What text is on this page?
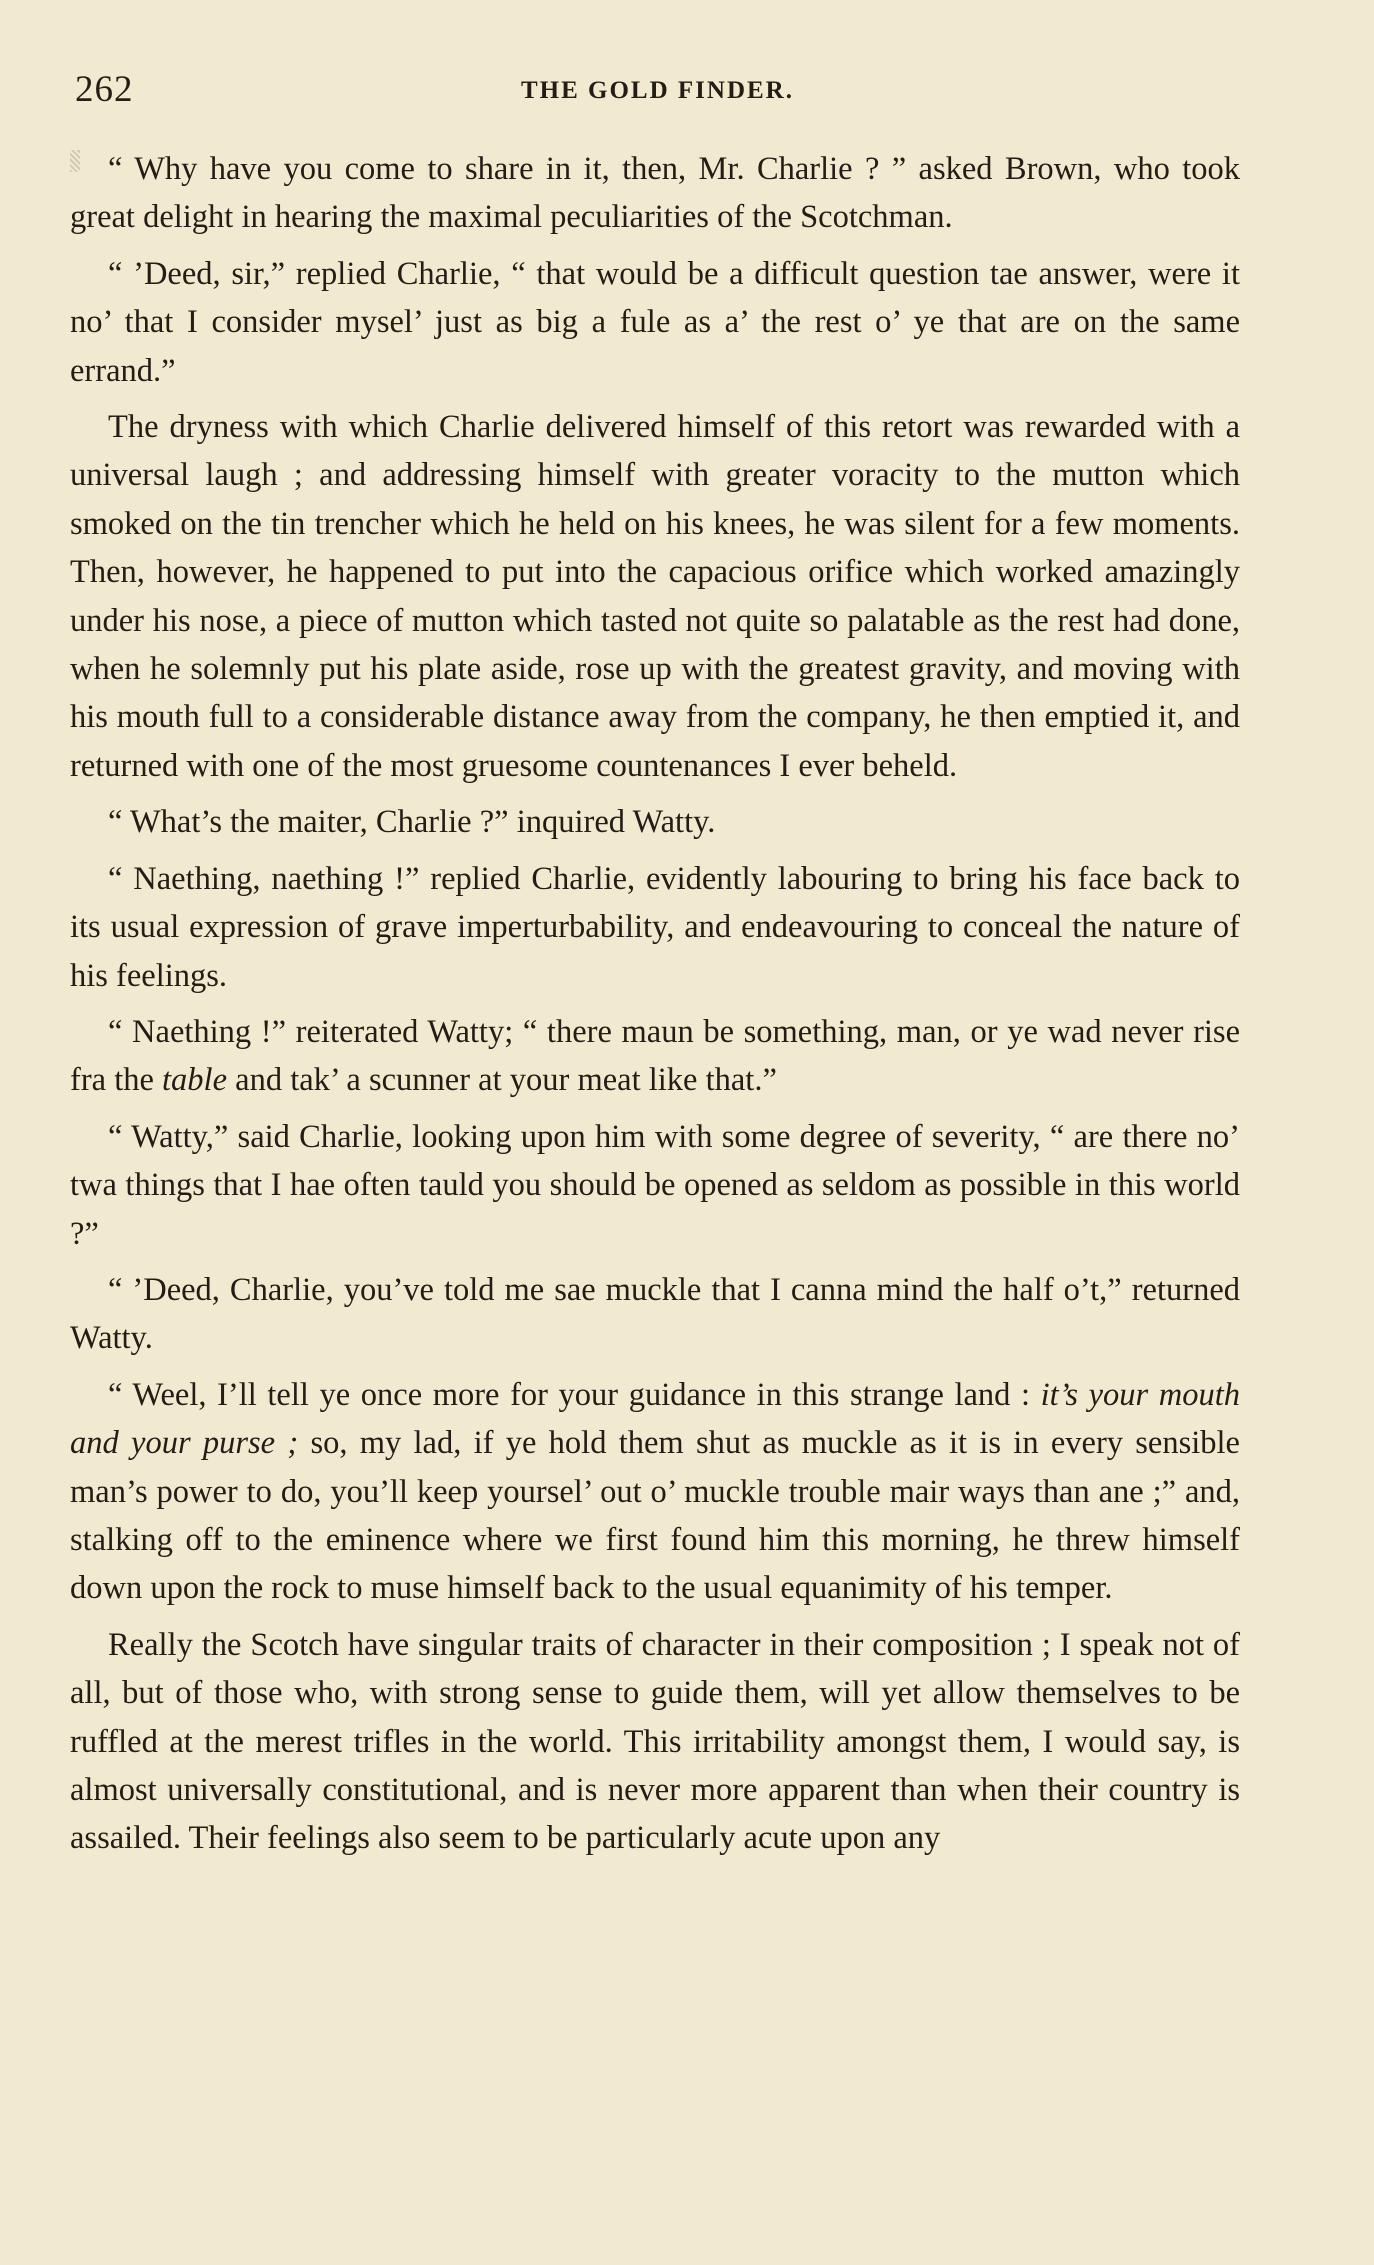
262	THE GOLD FINDER.

“ Why have you come to share in it, then, Mr. Charlie ? ” asked Brown, who took great delight in hearing the maximal peculiarities of the Scotchman.

“ ’Deed, sir,” replied Charlie, “ that would be a difficult question tae answer, were it no’ that I consider mysel’ just as big a fule as a’ the rest o’ ye that are on the same errand.”

The dryness with which Charlie delivered himself of this retort was rewarded with a universal laugh ; and addressing himself with greater voracity to the mutton which smoked on the tin trencher which he held on his knees, he was silent for a few moments. Then, however, he happened to put into the capacious orifice which worked amazingly under his nose, a piece of mutton which tasted not quite so palatable as the rest had done, when he solemnly put his plate aside, rose up with the greatest gravity, and moving with his mouth full to a considerable distance away from the company, he then emptied it, and returned with one of the most gruesome countenances I ever beheld.

“ What’s the maiter, Charlie ?” inquired Watty.

“ Naething, naething !” replied Charlie, evidently labouring to bring his face back to its usual expression of grave imperturbability, and endeavouring to conceal the nature of his feelings.

“ Naething !” reiterated Watty; “ there maun be something, man, or ye wad never rise fra the table and tak’ a scunner at your meat like that.”

“ Watty,” said Charlie, looking upon him with some degree of severity, “ are there no’ twa things that I hae often tauld you should be opened as seldom as possible in this world ?”

“ ’Deed, Charlie, you’ve told me sae muckle that I canna mind the half o’t,” returned Watty.

“ Weel, I’ll tell ye once more for your guidance in this strange land : it’s your mouth and your purse ; so, my lad, if ye hold them shut as muckle as it is in every sensible man’s power to do, you’ll keep yoursel’ out o’ muckle trouble mair ways than ane ;” and, stalking off to the eminence where we first found him this morning, he threw himself down upon the rock to muse himself back to the usual equanimity of his temper.

Really the Scotch have singular traits of character in their composition ; I speak not of all, but of those who, with strong sense to guide them, will yet allow themselves to be ruffled at the merest trifles in the world. This irritability amongst them, I would say, is almost universally constitutional, and is never more apparent than when their country is assailed. Their feelings also seem to be particularly acute upon any
